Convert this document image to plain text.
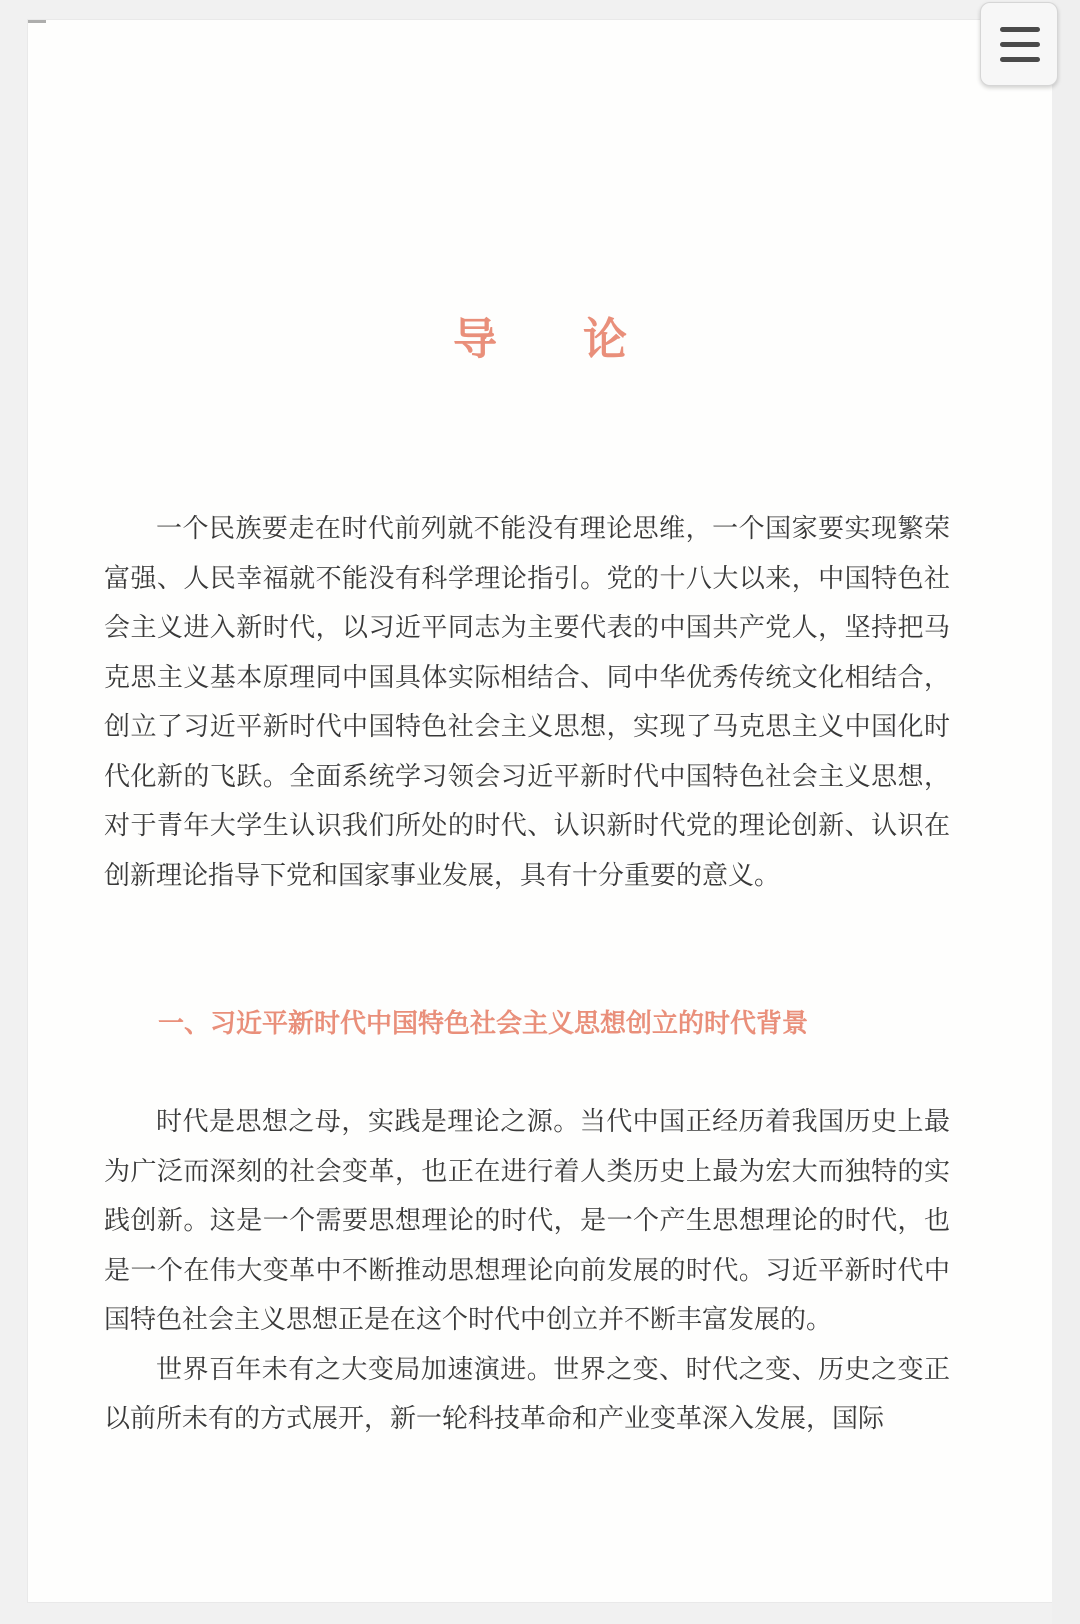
导论

一个民族要走在时代前列就不能没有理论思维，一个国家要实现繁荣富强、人民幸福就不能没有科学理论指引。党的十八大以来，中国特色社会主义进入新时代，以习近平同志为主要代表的中国共产党人，坚持把马克思主义基本原理同中国具体实际相结合、同中华优秀传统文化相结合，创立了习近平新时代中国特色社会主义思想，实现了马克思主义中国化时代化新的飞跃。全面系统学习领会习近平新时代中国特色社会主义思想，对于青年大学生认识我们所处的时代、认识新时代党的理论创新、认识在创新理论指导下党和国家事业发展，具有十分重要的意义。

一、习近平新时代中国特色社会主义思想创立的时代背景

时代是思想之母，实践是理论之源。当代中国正经历着我国历史上最为广泛而深刻的社会变革，也正在进行着人类历史上最为宏大而独特的实践创新。这是一个需要思想理论的时代，是一个产生思想理论的时代，也是一个在伟大变革中不断推动思想理论向前发展的时代。习近平新时代中国特色社会主义思想正是在这个时代中创立并不断丰富发展的。

世界百年未有之大变局加速演进。世界之变、时代之变、历史之变正以前所未有的方式展开，新一轮科技革命和产业变革深入发展，国际
